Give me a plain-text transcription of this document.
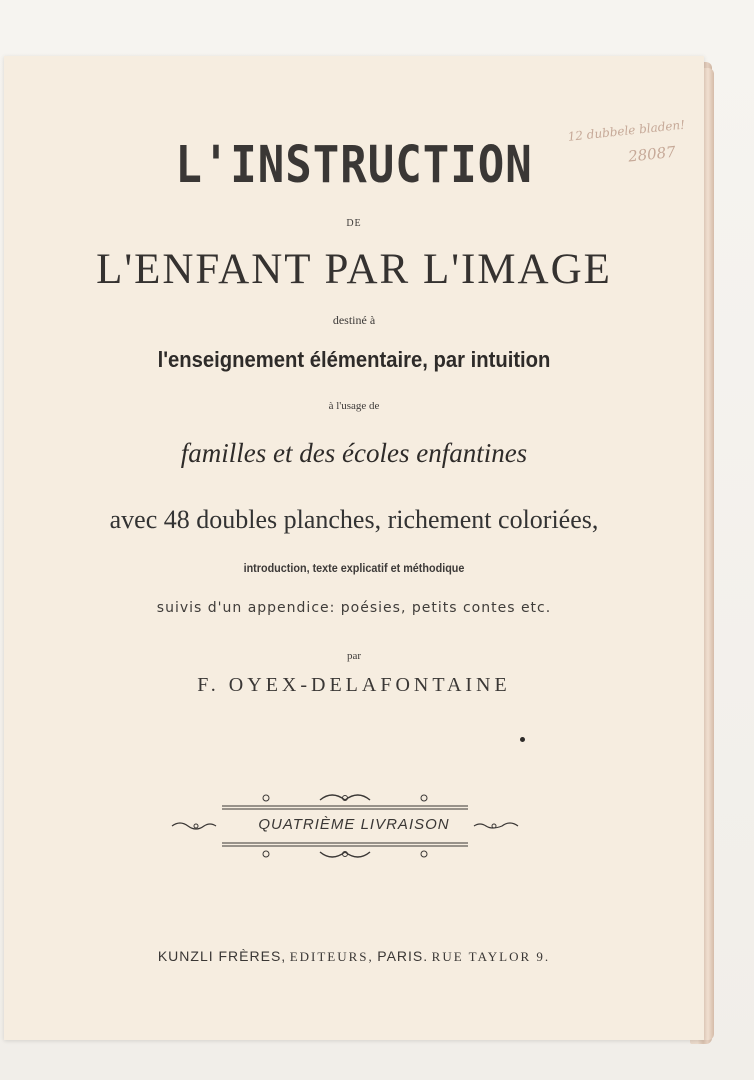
L'INSTRUCTION
DE
L'ENFANT PAR L'IMAGE
destiné à
l'enseignement élémentaire, par intuition
à l'usage de
familles et des écoles enfantines
avec 48 doubles planches, richement coloriées,
introduction, texte explicatif et méthodique
suivis d'un appendice: poésies, petits contes etc.
par
F. OYEX-DELAFONTAINE
QUATRIÈME LIVRAISON
KUNZLI FRÈRES, EDITEURS, PARIS. RUE TAYLOR 9.
12 dubbele bladen!
28087
